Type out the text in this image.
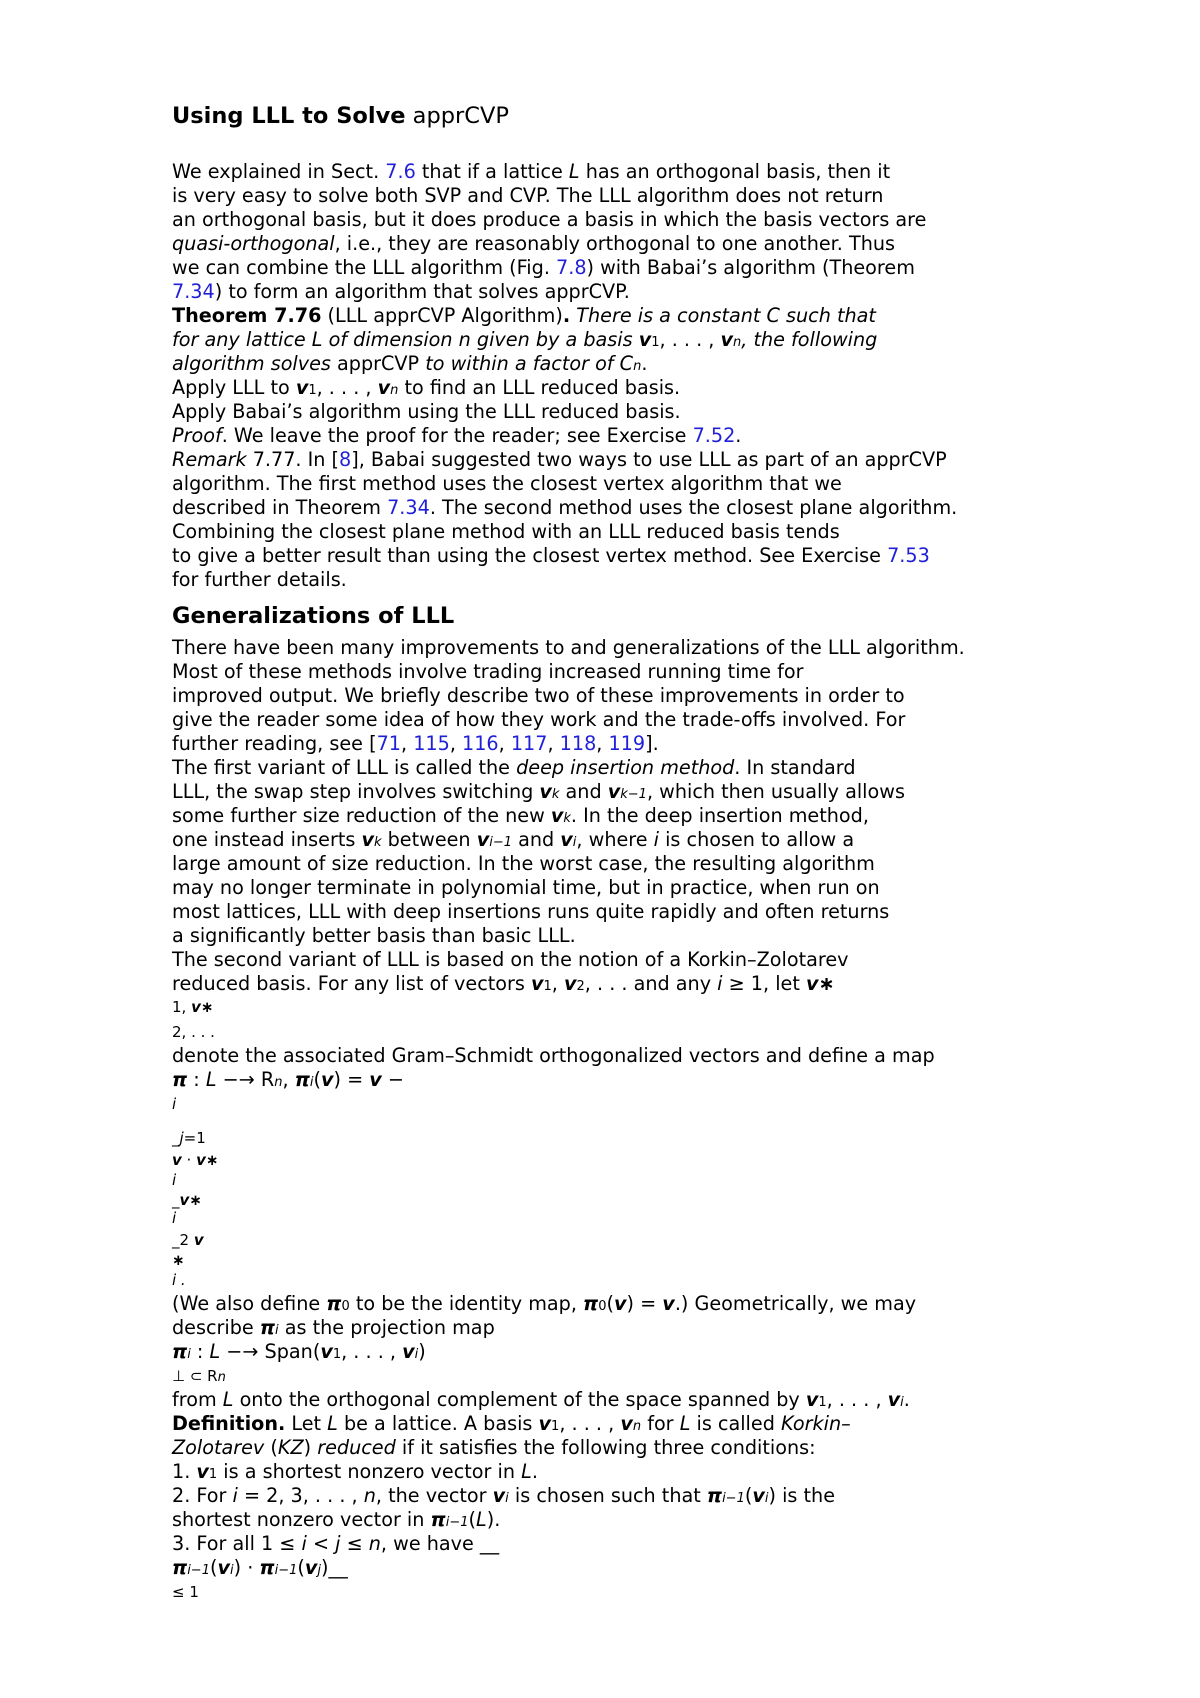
Using LLL to Solve apprCVP
We explained in Sect. 7.6 that if a lattice L has an orthogonal basis, then it
is very easy to solve both SVP and CVP. The LLL algorithm does not return
an orthogonal basis, but it does produce a basis in which the basis vectors are
quasi-orthogonal, i.e., they are reasonably orthogonal to one another. Thus
we can combine the LLL algorithm (Fig. 7.8) with Babai’s algorithm (Theorem
7.34) to form an algorithm that solves apprCVP.
Theorem 7.76 (LLL apprCVP Algorithm). There is a constant C such that
for any lattice L of dimension n given by a basis v1, . . . , vn, the following
algorithm solves apprCVP to within a factor of Cn.
Apply LLL to v1, . . . , vn to find an LLL reduced basis.
Apply Babai’s algorithm using the LLL reduced basis.
Proof. We leave the proof for the reader; see Exercise 7.52.
Remark 7.77. In [8], Babai suggested two ways to use LLL as part of an apprCVP
algorithm. The first method uses the closest vertex algorithm that we
described in Theorem 7.34. The second method uses the closest plane algorithm.
Combining the closest plane method with an LLL reduced basis tends
to give a better result than using the closest vertex method. See Exercise 7.53
for further details.
Generalizations of LLL
There have been many improvements to and generalizations of the LLL algorithm.
Most of these methods involve trading increased running time for
improved output. We briefly describe two of these improvements in order to
give the reader some idea of how they work and the trade-offs involved. For
further reading, see [71, 115, 116, 117, 118, 119].
The first variant of LLL is called the deep insertion method. In standard
LLL, the swap step involves switching vk and vk−1, which then usually allows
some further size reduction of the new vk. In the deep insertion method,
one instead inserts vk between vi−1 and vi, where i is chosen to allow a
large amount of size reduction. In the worst case, the resulting algorithm
may no longer terminate in polynomial time, but in practice, when run on
most lattices, LLL with deep insertions runs quite rapidly and often returns
a significantly better basis than basic LLL.
The second variant of LLL is based on the notion of a Korkin–Zolotarev
reduced basis. For any list of vectors v1, v2, . . . and any i ≥ 1, let v∗
1, v∗
2, . . .
denote the associated Gram–Schmidt orthogonalized vectors and define a map
π : L −→ Rn, πi(v) = v −
i
_j=1
v · v∗
i
_v∗
i
_2 v
∗
i .
(We also define π0 to be the identity map, π0(v) = v.) Geometrically, we may
describe πi as the projection map
πi : L −→ Span(v1, . . . , vi)
⊥ ⊂ Rn
from L onto the orthogonal complement of the space spanned by v1, . . . , vi.
Definition. Let L be a lattice. A basis v1, . . . , vn for L is called Korkin–
Zolotarev (KZ) reduced if it satisfies the following three conditions:
1. v1 is a shortest nonzero vector in L.
2. For i = 2, 3, . . . , n, the vector vi is chosen such that πi−1(vi) is the
shortest nonzero vector in πi−1(L).
3. For all 1 ≤ i < j ≤ n, we have __
πi−1(vi) · πi−1(vj)__
≤ 1
